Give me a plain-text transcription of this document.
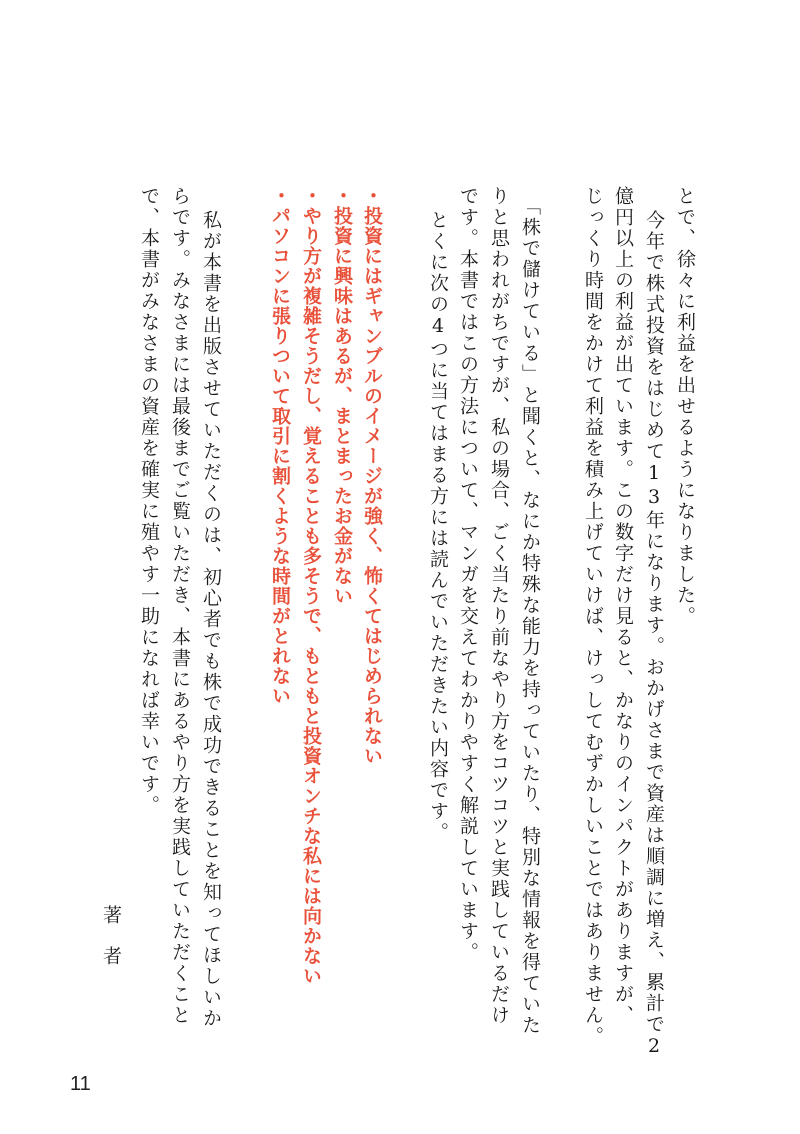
とで、徐々に利益を出せるようになりました。
今年で株式投資をはじめて13年になります。おかげさまで資産は順調に増え、累計で2
億円以上の利益が出ています。この数字だけ見ると、かなりのインパクトがありますが、
じっくり時間をかけて利益を積み上げていけば、けっしてむずかしいことではありません。
「株で儲けている」と聞くと、なにか特殊な能力を持っていたり、特別な情報を得ていた
りと思われがちですが、私の場合、ごく当たり前なやり方をコツコツと実践しているだけ
です。本書ではこの方法について、マンガを交えてわかりやすく解説しています。
とくに次の4つに当てはまる方には読んでいただきたい内容です。
・投資にはギャンブルのイメージが強く、怖くてはじめられない
・投資に興味はあるが、まとまったお金がない
・やり方が複雑そうだし、覚えることも多そうで、もともと投資オンチな私には向かない
・パソコンに張りついて取引に割くような時間がとれない
私が本書を出版させていただくのは、初心者でも株で成功できることを知ってほしいか
らです。みなさまには最後までご覧いただき、本書にあるやり方を実践していただくこと
で、本書がみなさまの資産を確実に殖やす一助になれば幸いです。
著者
11
